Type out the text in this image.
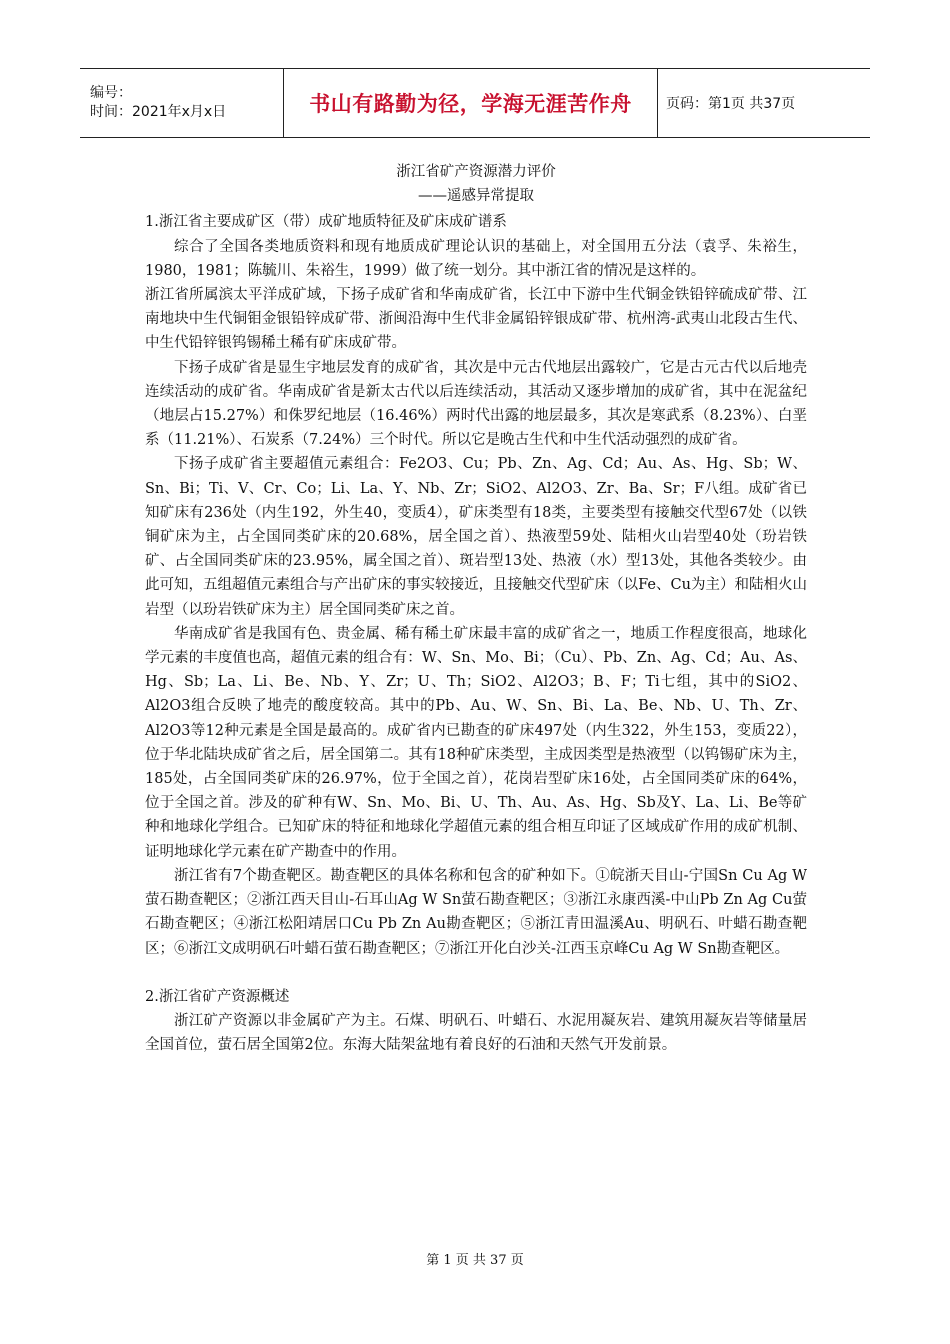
编号：
时间：2021年x月x日	书山有路勤为径，学海无涯苦作舟 页码：第1页 共37页
浙江省矿产资源潜力评价
——遥感异常提取
1.浙江省主要成矿区（带）成矿地质特征及矿床成矿谱系

综合了全国各类地质资料和现有地质成矿理论认识的基础上，对全国用五分法（袁孚、朱裕生，1980，1981；陈毓川、朱裕生，1999）做了统一划分。其中浙江省的情况是这样的。

浙江省所属滨太平洋成矿域，下扬子成矿省和华南成矿省，长江中下游中生代铜金铁铅锌硫成矿带、江南地块中生代铜钼金银铅锌成矿带、浙闽沿海中生代非金属铅锌银成矿带、杭州湾-武夷山北段古生代、中生代铅锌银钨锡稀土稀有矿床成矿带。

下扬子成矿省是显生宇地层发育的成矿省，其次是中元古代地层出露较广，它是古元古代以后地壳连续活动的成矿省。华南成矿省是新太古代以后连续活动，其活动又逐步增加的成矿省，其中在泥盆纪（地层占15.27%）和侏罗纪地层（16.46%）两时代出露的地层最多，其次是寒武系（8.23%）、白垩系（11.21%）、石炭系（7.24%）三个时代。所以它是晚古生代和中生代活动强烈的成矿省。

下扬子成矿省主要超值元素组合：Fe2O3、Cu；Pb、Zn、Ag、Cd；Au、As、Hg、Sb；W、Sn、Bi；Ti、V、Cr、Co；Li、La、Y、Nb、Zr；SiO2、Al2O3、Zr、Ba、Sr；F八组。成矿省已知矿床有236处（内生192，外生40，变质4），矿床类型有18类，主要类型有接触交代型67处（以铁铜矿床为主，占全国同类矿床的20.68%，居全国之首）、热液型59处、陆相火山岩型40处（玢岩铁矿、占全国同类矿床的23.95%，属全国之首）、斑岩型13处、热液（水）型13处，其他各类较少。由此可知，五组超值元素组合与产出矿床的事实较接近，且接触交代型矿床（以Fe、Cu为主）和陆相火山岩型（以玢岩铁矿床为主）居全国同类矿床之首。

华南成矿省是我国有色、贵金属、稀有稀土矿床最丰富的成矿省之一，地质工作程度很高，地球化学元素的丰度值也高，超值元素的组合有：W、Sn、Mo、Bi；（Cu）、Pb、Zn、Ag、Cd；Au、As、Hg、Sb；La、Li、Be、Nb、Y、Zr；U、Th；SiO2、Al2O3；B、F；Ti七组，其中的SiO2、Al2O3组合反映了地壳的酸度较高。其中的Pb、Au、W、Sn、Bi、La、Be、Nb、U、Th、Zr、Al2O3等12种元素是全国是最高的。成矿省内已勘查的矿床497处（内生322，外生153，变质22），位于华北陆块成矿省之后，居全国第二。其有18种矿床类型，主成因类型是热液型（以钨锡矿床为主，185处，占全国同类矿床的26.97%，位于全国之首），花岗岩型矿床16处，占全国同类矿床的64%，位于全国之首。涉及的矿种有W、Sn、Mo、Bi、U、Th、Au、As、Hg、Sb及Y、La、Li、Be等矿种和地球化学组合。已知矿床的特征和地球化学超值元素的组合相互印证了区域成矿作用的成矿机制、证明地球化学元素在矿产勘查中的作用。

浙江省有7个勘查靶区。勘查靶区的具体名称和包含的矿种如下。①皖浙天目山-宁国Sn Cu Ag W萤石勘查靶区；②浙江西天目山-石耳山Ag W Sn萤石勘查靶区；③浙江永康西溪-中山Pb Zn Ag Cu萤石勘查靶区；④浙江松阳靖居口Cu Pb Zn Au勘查靶区；⑤浙江青田温溪Au、明矾石、叶蜡石勘查靶区；⑥浙江文成明矾石叶蜡石萤石勘查靶区；⑦浙江开化白沙关-江西玉京峰Cu Ag W Sn勘查靶区。

2.浙江省矿产资源概述

浙江矿产资源以非金属矿产为主。石煤、明矾石、叶蜡石、水泥用凝灰岩、建筑用凝灰岩等储量居全国首位，萤石居全国第2位。东海大陆架盆地有着良好的石油和天然气开发前景。

第 1 页 共 37 页
